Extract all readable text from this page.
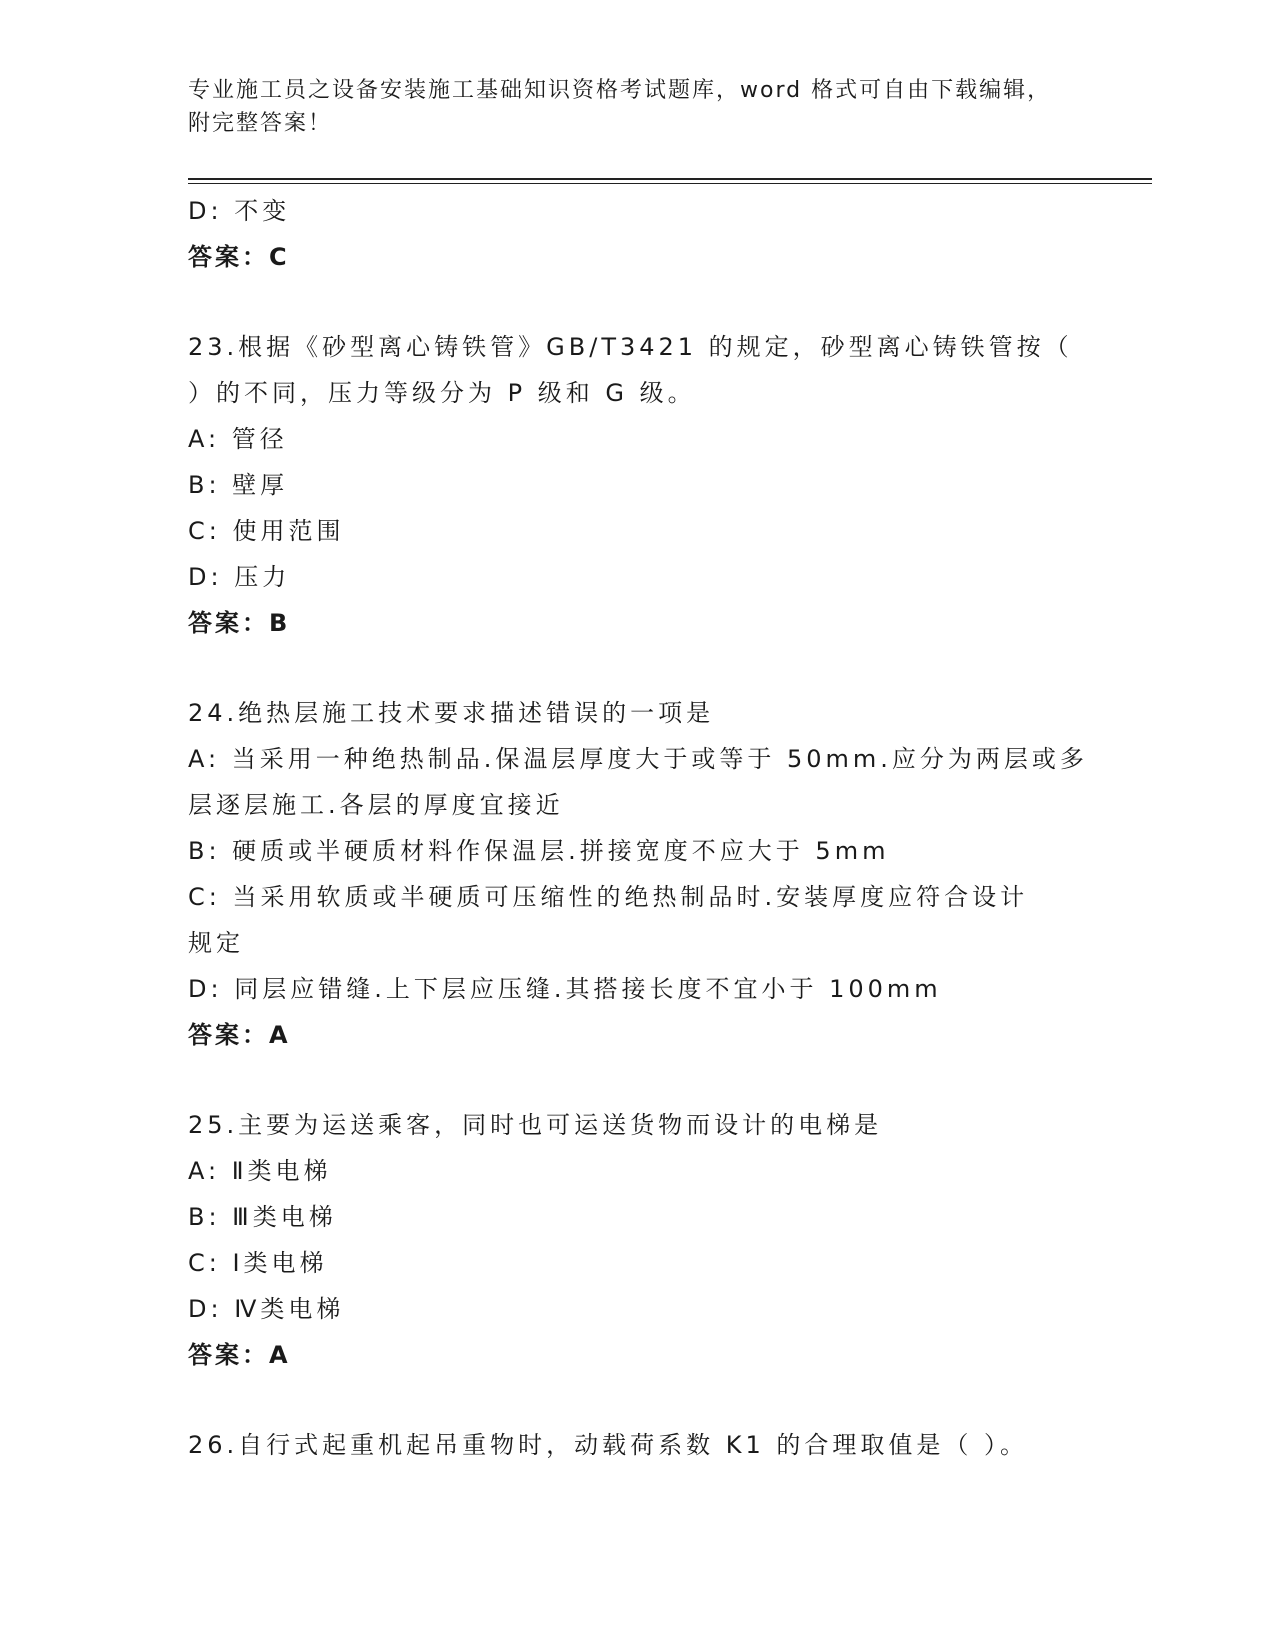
专业施工员之设备安装施工基础知识资格考试题库，word 格式可自由下载编辑，
附完整答案！
D: 不变
答案：C
23.根据《砂型离心铸铁管》GB/T3421 的规定，砂型离心铸铁管按（
）的不同，压力等级分为 P 级和 G 级。
A: 管径
B: 壁厚
C: 使用范围
D: 压力
答案：B
24.绝热层施工技术要求描述错误的一项是
A: 当采用一种绝热制品.保温层厚度大于或等于 50mm.应分为两层或多
层逐层施工.各层的厚度宜接近
B: 硬质或半硬质材料作保温层.拼接宽度不应大于 5mm
C: 当采用软质或半硬质可压缩性的绝热制品时.安装厚度应符合设计
规定
D: 同层应错缝.上下层应压缝.其搭接长度不宜小于 100mm
答案：A
25.主要为运送乘客，同时也可运送货物而设计的电梯是
A: Ⅱ类电梯
B: Ⅲ类电梯
C: Ⅰ类电梯
D: Ⅳ类电梯
答案：A
26.自行式起重机起吊重物时，动载荷系数 K1 的合理取值是（ ）。
